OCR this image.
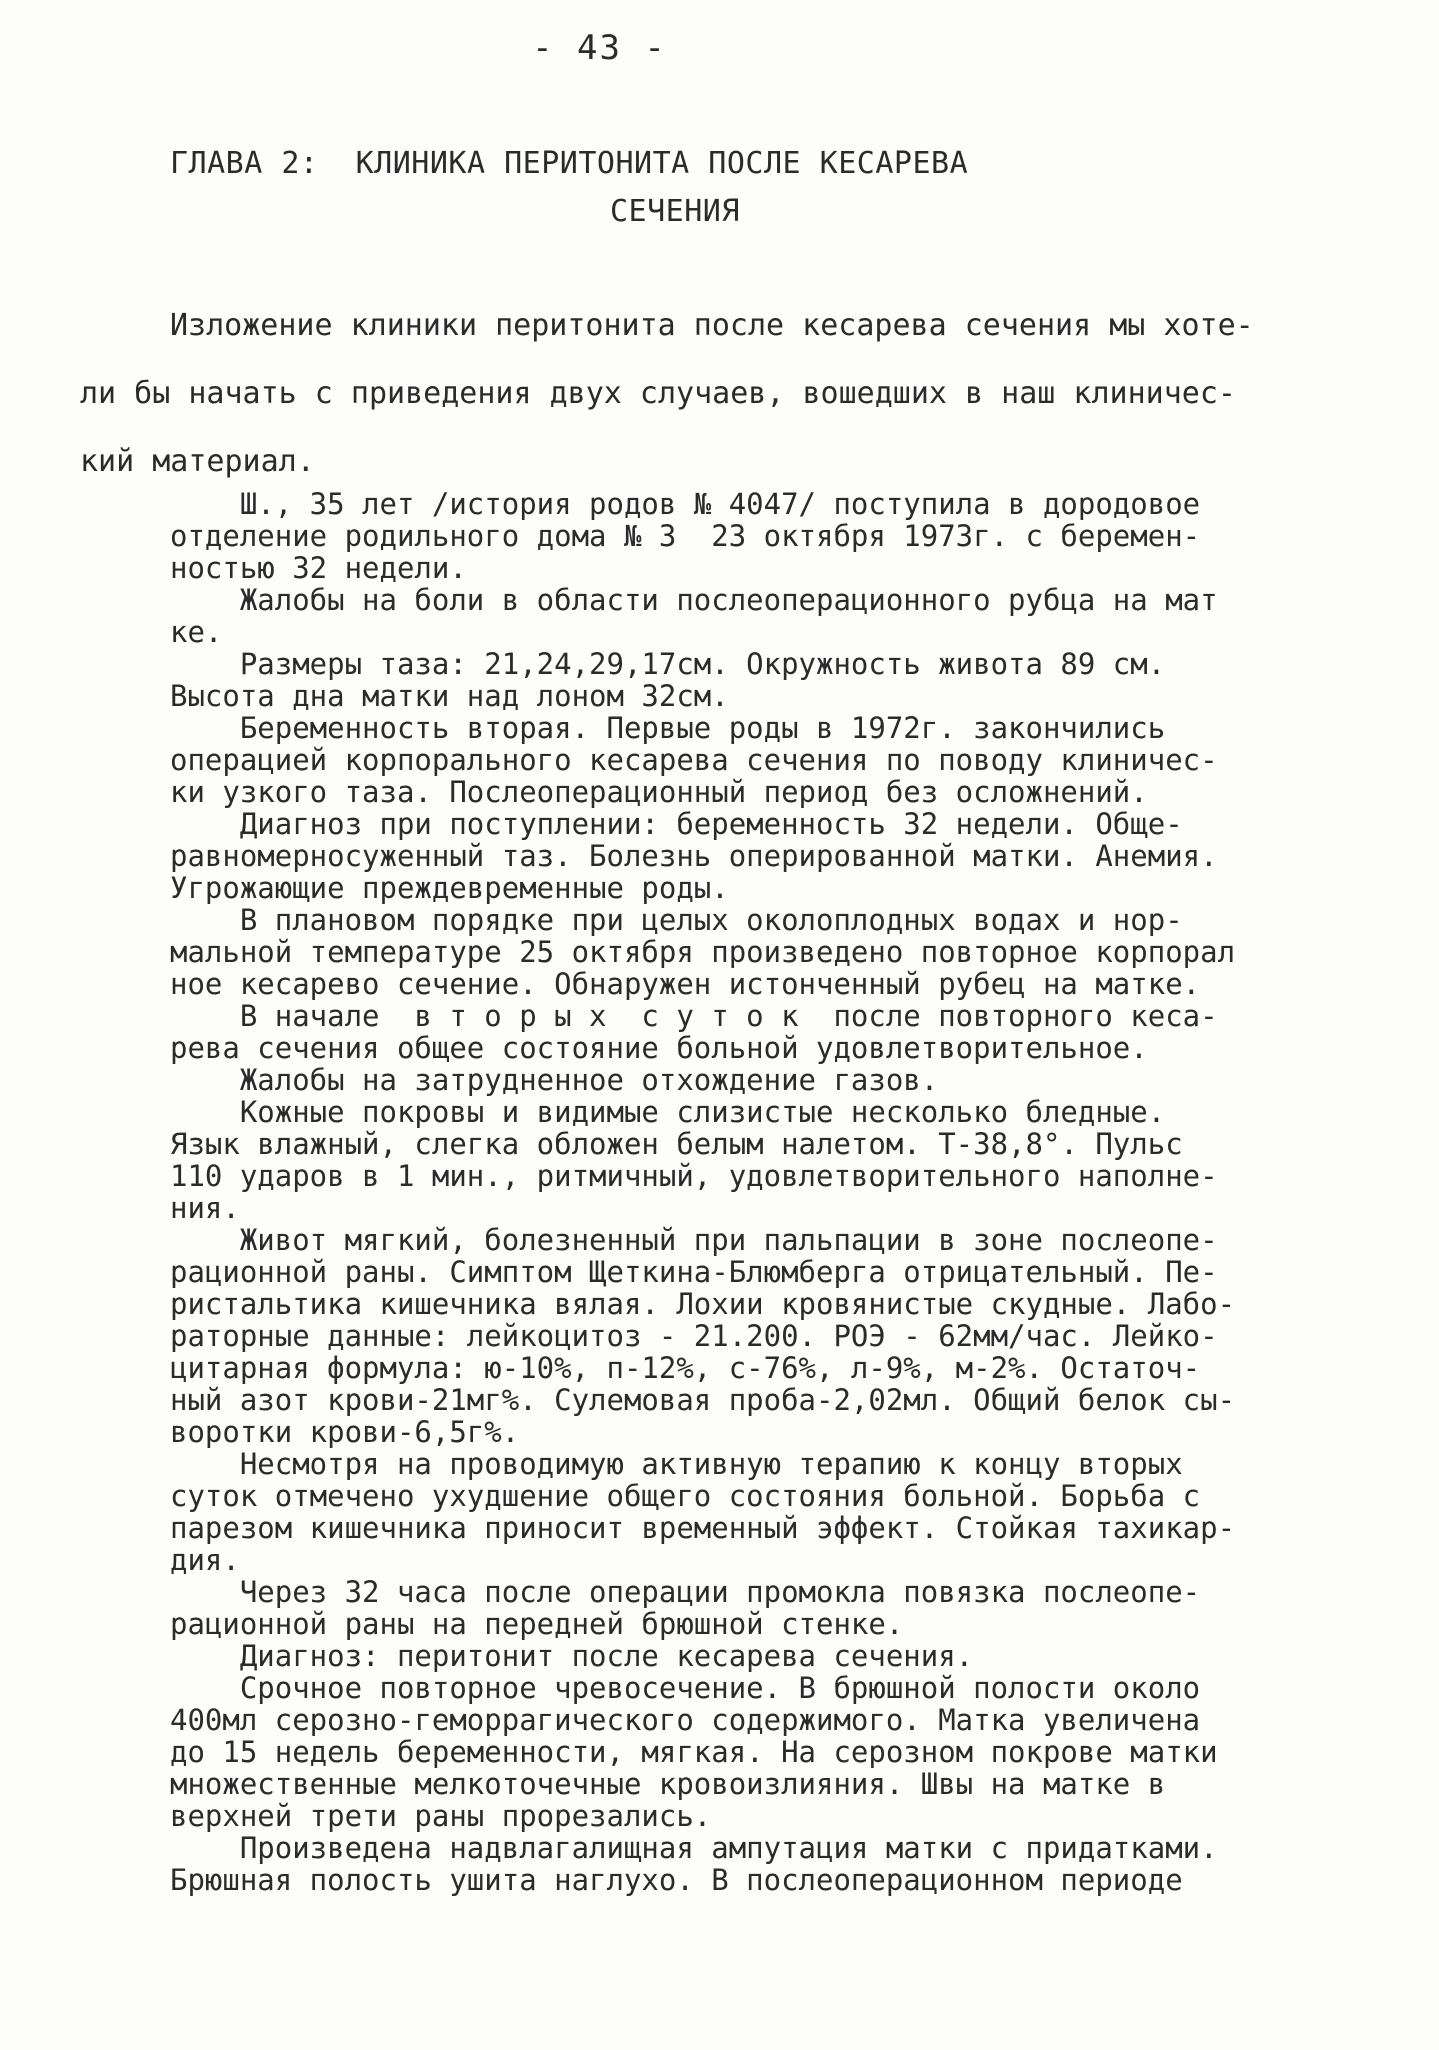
- 43 -
ГЛАВА 2:  КЛИНИКА ПЕРИТОНИТА ПОСЛЕ КЕСАРЕВА
СЕЧЕНИЯ
Изложение клиники перитонита после кесарева сечения мы хоте-
ли бы начать с приведения двух случаев, вошедших в наш клиничес-
кий материал.

Ш., 35 лет /история родов № 4047/ поступила в дородовое

отделение родильного дома № 3  23 октября 1973г. с беремен-

ностью 32 недели.

Жалобы на боли в области послеоперационного рубца на мат

ке.

Размеры таза: 21,24,29,17см. Окружность живота 89 см.

Высота дна матки над лоном 32см.

Беременность вторая. Первые роды в 1972г. закончились

операцией корпорального кесарева сечения по поводу клиничес-

ки узкого таза. Послеоперационный период без осложнений.

Диагноз при поступлении: беременность 32 недели. Обще-

равномерносуженный таз. Болезнь оперированной матки. Анемия.

Угрожающие преждевременные роды.

В плановом порядке при целых околоплодных водах и нор-

мальной температуре 25 октября произведено повторное корпорал

ное кесарево сечение. Обнаружен истонченный рубец на матке.

В начале  в т о р ы х  с у т о к  после повторного кеса-

рева сечения общее состояние больной удовлетворительное.

Жалобы на затрудненное отхождение газов.

Кожные покровы и видимые слизистые несколько бледные.

Язык влажный, слегка обложен белым налетом. Т-38,8°. Пульс

110 ударов в 1 мин., ритмичный, удовлетворительного наполне-

ния.

Живот мягкий, болезненный при пальпации в зоне послеопе-

рационной раны. Симптом Щеткина-Блюмберга отрицательный. Пе-

ристальтика кишечника вялая. Лохии кровянистые скудные. Лабо-

раторные данные: лейкоцитоз - 21.200. РОЭ - 62мм/час. Лейко-

цитарная формула: ю-10%, п-12%, с-76%, л-9%, м-2%. Остаточ-

ный азот крови-21мг%. Сулемовая проба-2,02мл. Общий белок сы-

воротки крови-6,5г%.

Несмотря на проводимую активную терапию к концу вторых

суток отмечено ухудшение общего состояния больной. Борьба с

парезом кишечника приносит временный эффект. Стойкая тахикар-

дия.

Через 32 часа после операции промокла повязка послеопе-

рационной раны на передней брюшной стенке.

Диагноз: перитонит после кесарева сечения.

Срочное повторное чревосечение. В брюшной полости около

400мл серозно-геморрагического содержимого. Матка увеличена

до 15 недель беременности, мягкая. На серозном покрове матки

множественные мелкоточечные кровоизлияния. Швы на матке в

верхней трети раны прорезались.

Произведена надвлагалищная ампутация матки с придатками.

Брюшная полость ушита наглухо. В послеоперационном периоде
